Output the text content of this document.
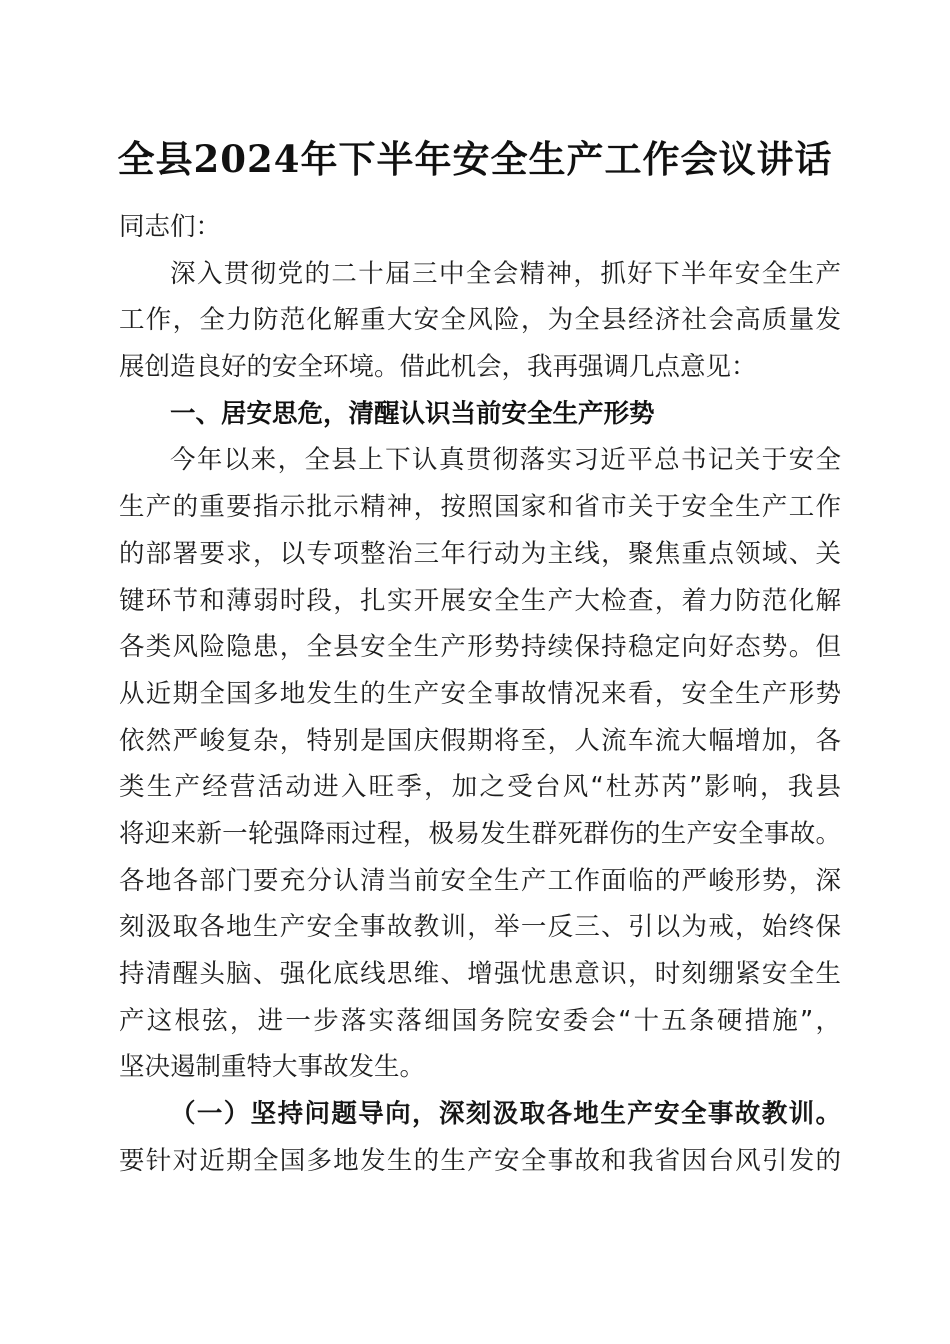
全县2024年下半年安全生产工作会议讲话
同志们：
深入贯彻党的二十届三中全会精神，抓好下半年安全生产
工作，全力防范化解重大安全风险，为全县经济社会高质量发
展创造良好的安全环境。借此机会，我再强调几点意见：
一、居安思危，清醒认识当前安全生产形势
今年以来，全县上下认真贯彻落实习近平总书记关于安全
生产的重要指示批示精神，按照国家和省市关于安全生产工作
的部署要求，以专项整治三年行动为主线，聚焦重点领域、关
键环节和薄弱时段，扎实开展安全生产大检查，着力防范化解
各类风险隐患，全县安全生产形势持续保持稳定向好态势。但
从近期全国多地发生的生产安全事故情况来看，安全生产形势
依然严峻复杂，特别是国庆假期将至，人流车流大幅增加，各
类生产经营活动进入旺季，加之受台风“杜苏芮”影响，我县
将迎来新一轮强降雨过程，极易发生群死群伤的生产安全事故。
各地各部门要充分认清当前安全生产工作面临的严峻形势，深
刻汲取各地生产安全事故教训，举一反三、引以为戒，始终保
持清醒头脑、强化底线思维、增强忧患意识，时刻绷紧安全生
产这根弦，进一步落实落细国务院安委会“十五条硬措施”，
坚决遏制重特大事故发生。
（一）坚持问题导向，深刻汲取各地生产安全事故教训。
要针对近期全国多地发生的生产安全事故和我省因台风引发的
